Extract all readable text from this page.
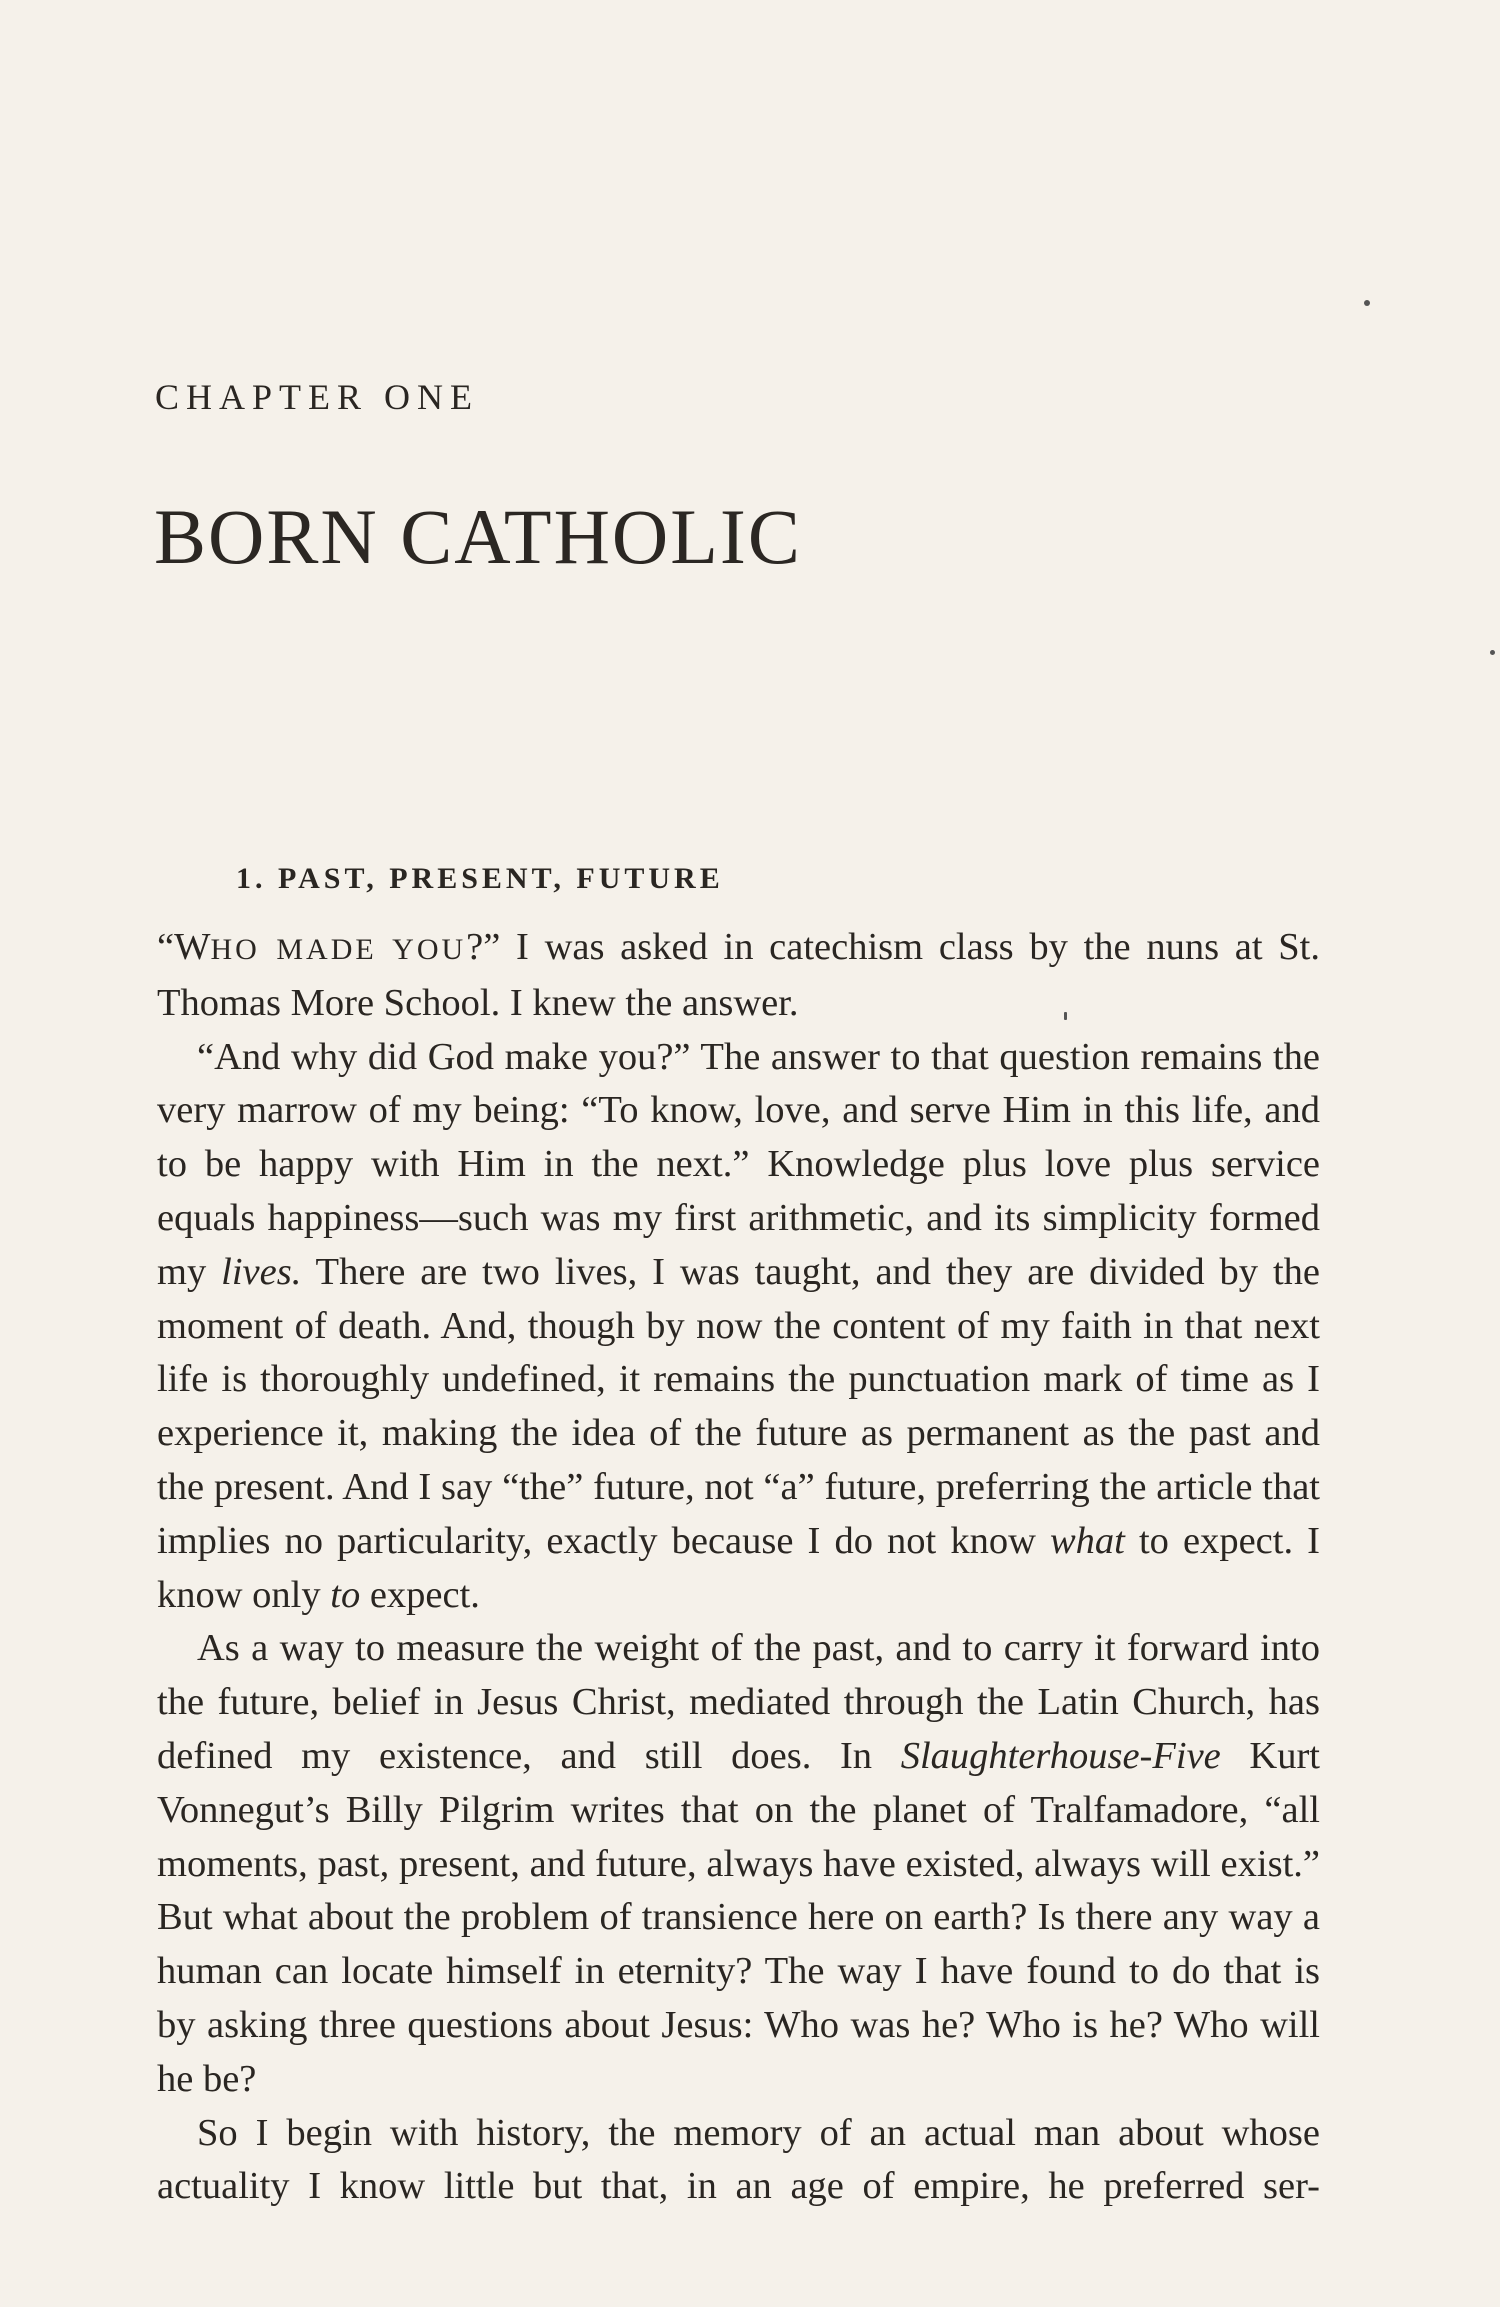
CHAPTER ONE
BORN CATHOLIC
1. PAST, PRESENT, FUTURE

“WHO MADE YOU?” I was asked in catechism class by the nuns at St. Thomas More School. I knew the answer.

“And why did God make you?” The answer to that question remains the very marrow of my being: “To know, love, and serve Him in this life, and to be happy with Him in the next.” Knowledge plus love plus service equals happiness—such was my first arithmetic, and its simplicity formed my lives. There are two lives, I was taught, and they are divided by the moment of death. And, though by now the content of my faith in that next life is thoroughly undefined, it remains the punctuation mark of time as I experience it, making the idea of the future as permanent as the past and the present. And I say “the” future, not “a” future, preferring the article that implies no particularity, exactly because I do not know what to expect. I know only to expect.

As a way to measure the weight of the past, and to carry it forward into the future, belief in Jesus Christ, mediated through the Latin Church, has defined my existence, and still does. In Slaughterhouse-Five Kurt Vonnegut’s Billy Pilgrim writes that on the planet of Tralfamadore, “all moments, past, present, and future, always have existed, always will exist.” But what about the problem of transience here on earth? Is there any way a human can locate himself in eternity? The way I have found to do that is by asking three questions about Jesus: Who was he? Who is he? Who will he be?

So I begin with history, the memory of an actual man about whose actuality I know little but that, in an age of empire, he preferred ser-
